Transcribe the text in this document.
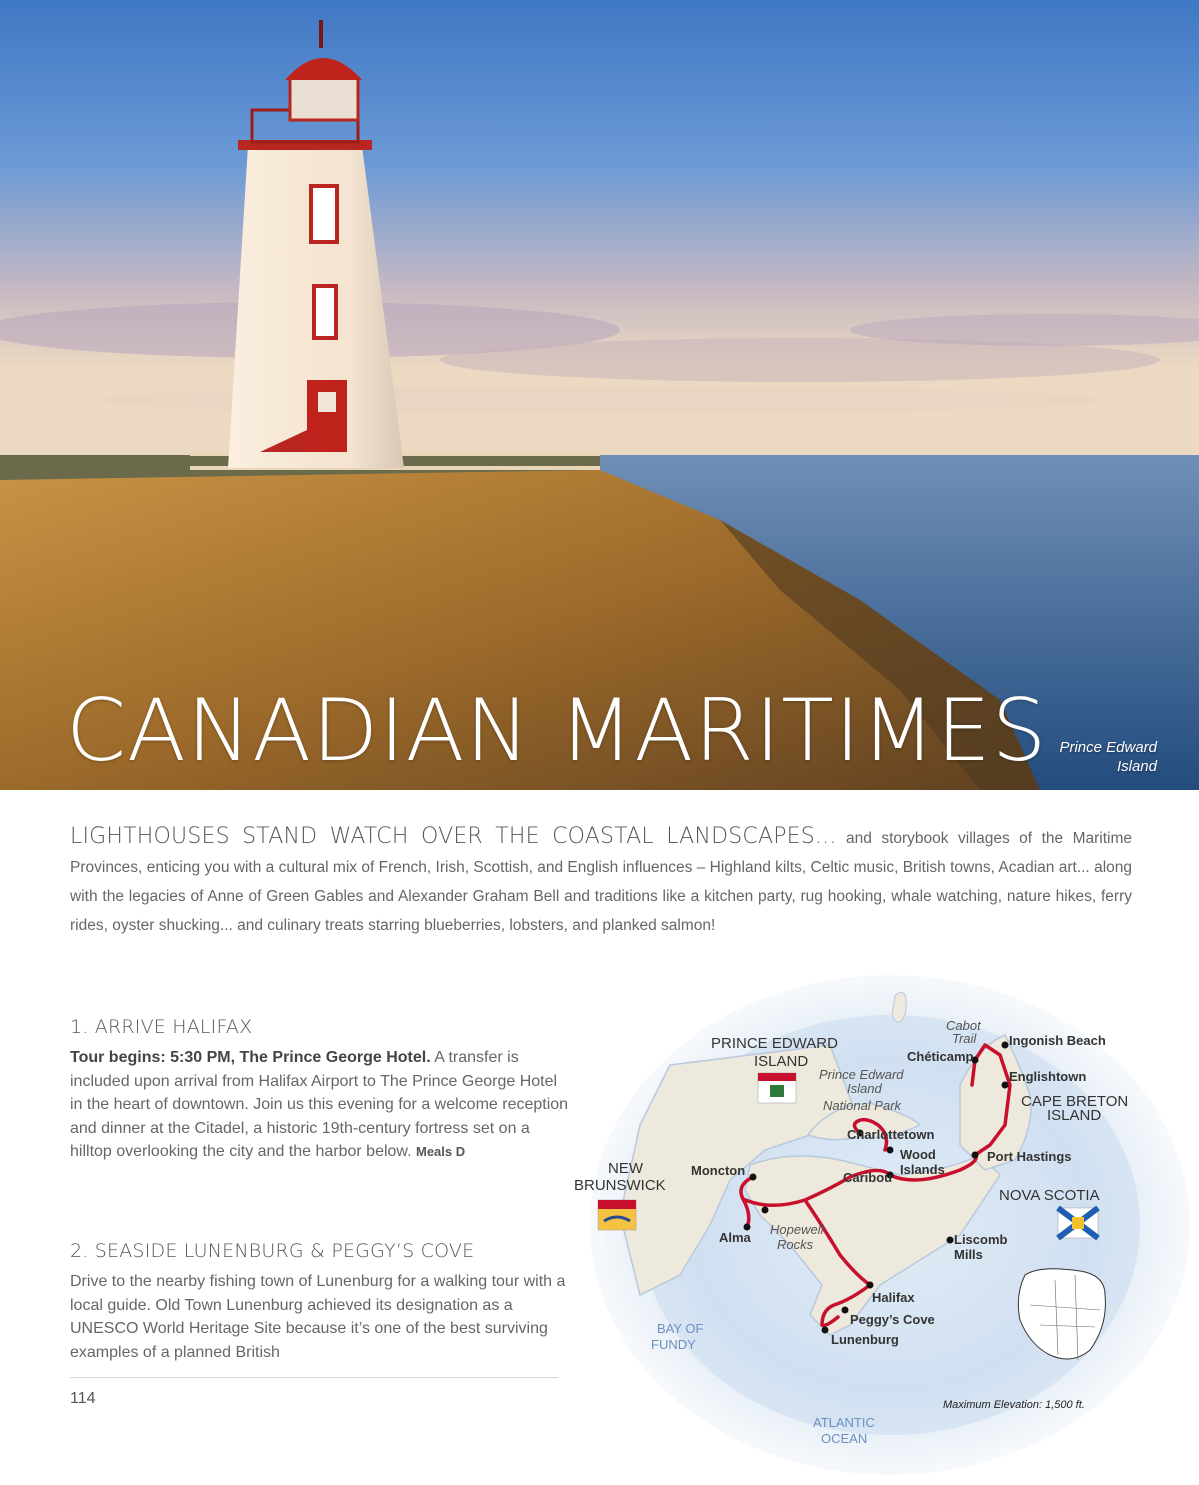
CANADIAN MARITIMES Prince Edward
Island
LIGHTHOUSES STAND WATCH OVER THE COASTAL LANDSCAPES... and storybook villages of the Maritime Provinces, enticing you with a cultural mix of French, Irish, Scottish, and English influences – Highland kilts, Celtic music, British towns, Acadian art... along with the legacies of Anne of Green Gables and Alexander Graham Bell and traditions like a kitchen party, rug hooking, whale watching, nature hikes, ferry rides, oyster shucking... and culinary treats starring blueberries, lobsters, and planked salmon!
1. ARRIVE HALIFAX
Tour begins: 5:30 PM, The Prince George Hotel. A transfer is included upon arrival from Halifax Airport to The Prince George Hotel in the heart of downtown. Join us this evening for a welcome reception and dinner at the Citadel, a historic 19th-century fortress set on a hilltop overlooking the city and the harbor below. Meals D
2. SEASIDE LUNENBURG & PEGGY’S COVE
Drive to the nearby fishing town of Lunenburg for a walking tour with a local guide. Old Town Lunenburg achieved its designation as a UNESCO World Heritage Site because it’s one of the best surviving examples of a planned British
114
Cabot
Trail	Ingonish Beach
Chéticamp
Englishtown
CAPE BRETON
ISLAND
PRINCE EDWARD
ISLAND
Prince Edward
Island
National Park
Charlottetown
Wood
Islands
Port Hastings
Moncton	Caribou
NEW
BRUNSWICK
NOVA SCOTIA
Hopewell
Rocks
Alma	Liscomb
Mills
Halifax
Peggy’s Cove
Lunenburg
BAY OF
FUNDY
ATLANTIC
OCEAN
Maximum Elevation: 1,500 ft.
